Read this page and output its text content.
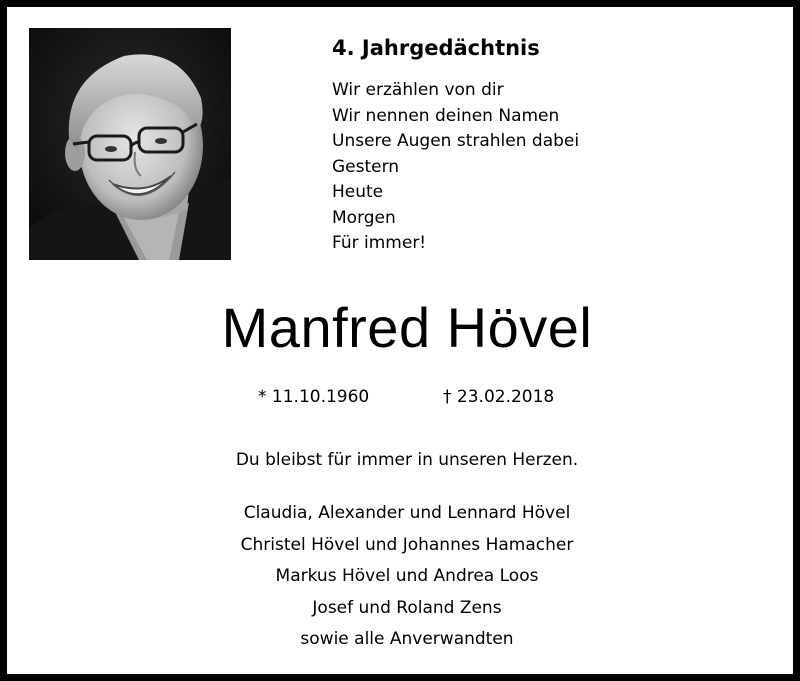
4. Jahrgedächtnis
Wir erzählen von dir
Wir nennen deinen Namen
Unsere Augen strahlen dabei
Gestern
Heute
Morgen
Für immer!
Manfred Hövel
* 11.10.1960	† 23.02.2018
Du bleibst für immer in unseren Herzen.
Claudia, Alexander und Lennard Hövel
Christel Hövel und Johannes Hamacher
Markus Hövel und Andrea Loos
Josef und Roland Zens
sowie alle Anverwandten
